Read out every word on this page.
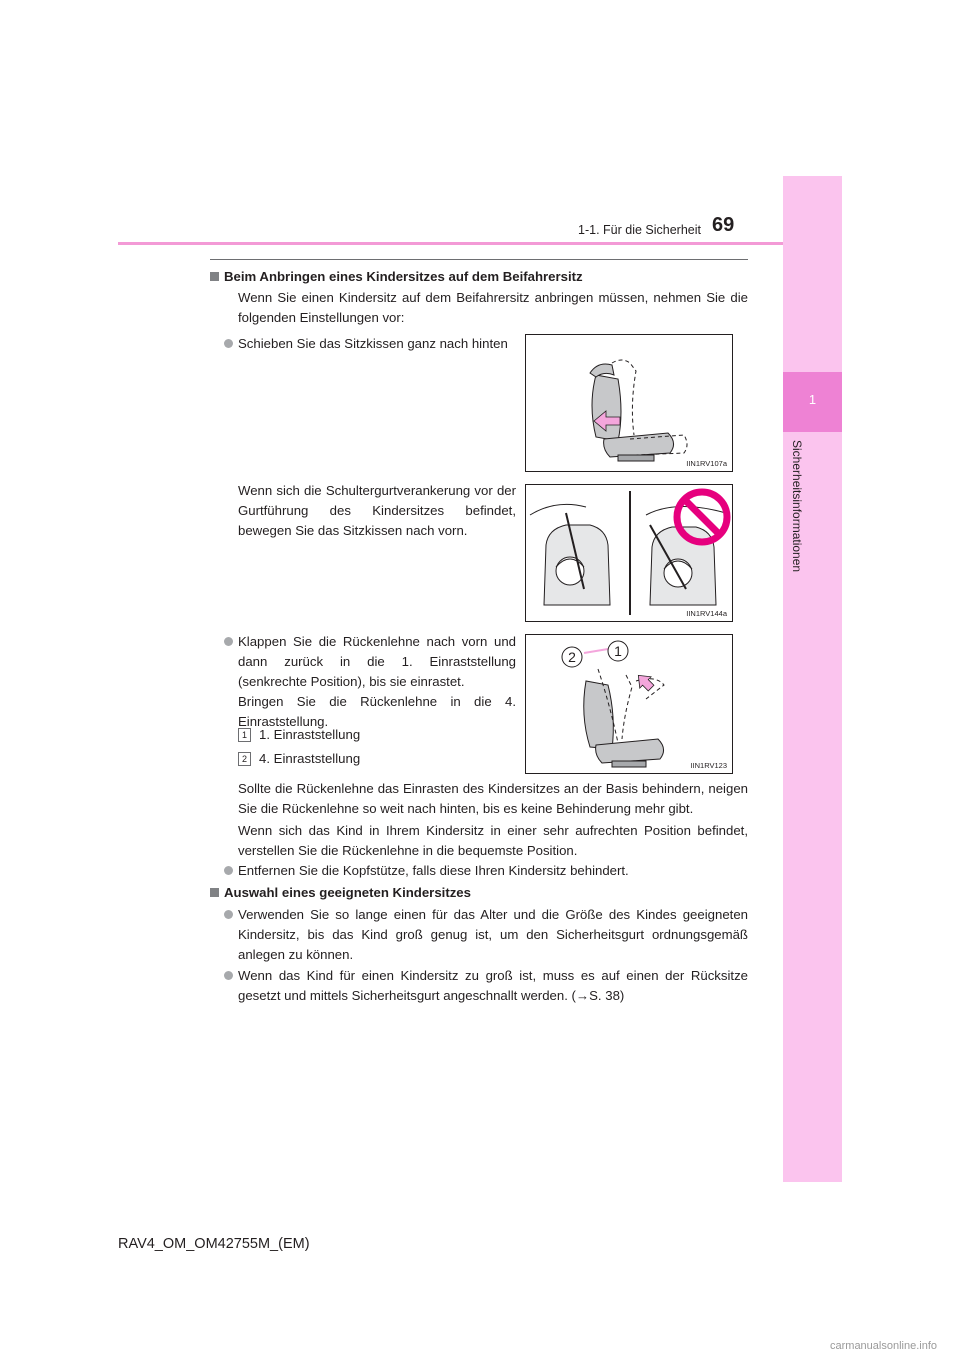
1-1. Für die Sicherheit 69
1
Sicherheitsinformationen
Beim Anbringen eines Kindersitzes auf dem Beifahrersitz
Wenn Sie einen Kindersitz auf dem Beifahrersitz anbringen müssen, nehmen Sie die folgenden Einstellungen vor:
Schieben Sie das Sitzkissen ganz nach hinten
Wenn sich die Schultergurtverankerung vor der Gurtführung des Kindersitzes befindet, bewegen Sie das Sitzkissen nach vorn.
Klappen Sie die Rückenlehne nach vorn und dann zurück in die 1. Einraststellung (senkrechte Position), bis sie einrastet.
Bringen Sie die Rückenlehne in die 4. Einraststellung.
1 1. Einraststellung
2 4. Einraststellung
Sollte die Rückenlehne das Einrasten des Kindersitzes an der Basis behindern, neigen Sie die Rückenlehne so weit nach hinten, bis es keine Behinderung mehr gibt.
Wenn sich das Kind in Ihrem Kindersitz in einer sehr aufrechten Position befindet, verstellen Sie die Rückenlehne in die bequemste Position.
Entfernen Sie die Kopfstütze, falls diese Ihren Kindersitz behindert.
Auswahl eines geeigneten Kindersitzes
Verwenden Sie so lange einen für das Alter und die Größe des Kindes geeigneten Kindersitz, bis das Kind groß genug ist, um den Sicherheitsgurt ordnungsgemäß anlegen zu können.
Wenn das Kind für einen Kindersitz zu groß ist, muss es auf einen der Rücksitze gesetzt und mittels Sicherheitsgurt angeschnallt werden. (→S. 38)
IIN1RV107a
IIN1RV144a
2	1
IIN1RV123
RAV4_OM_OM42755M_(EM)
carmanualsonline.info
